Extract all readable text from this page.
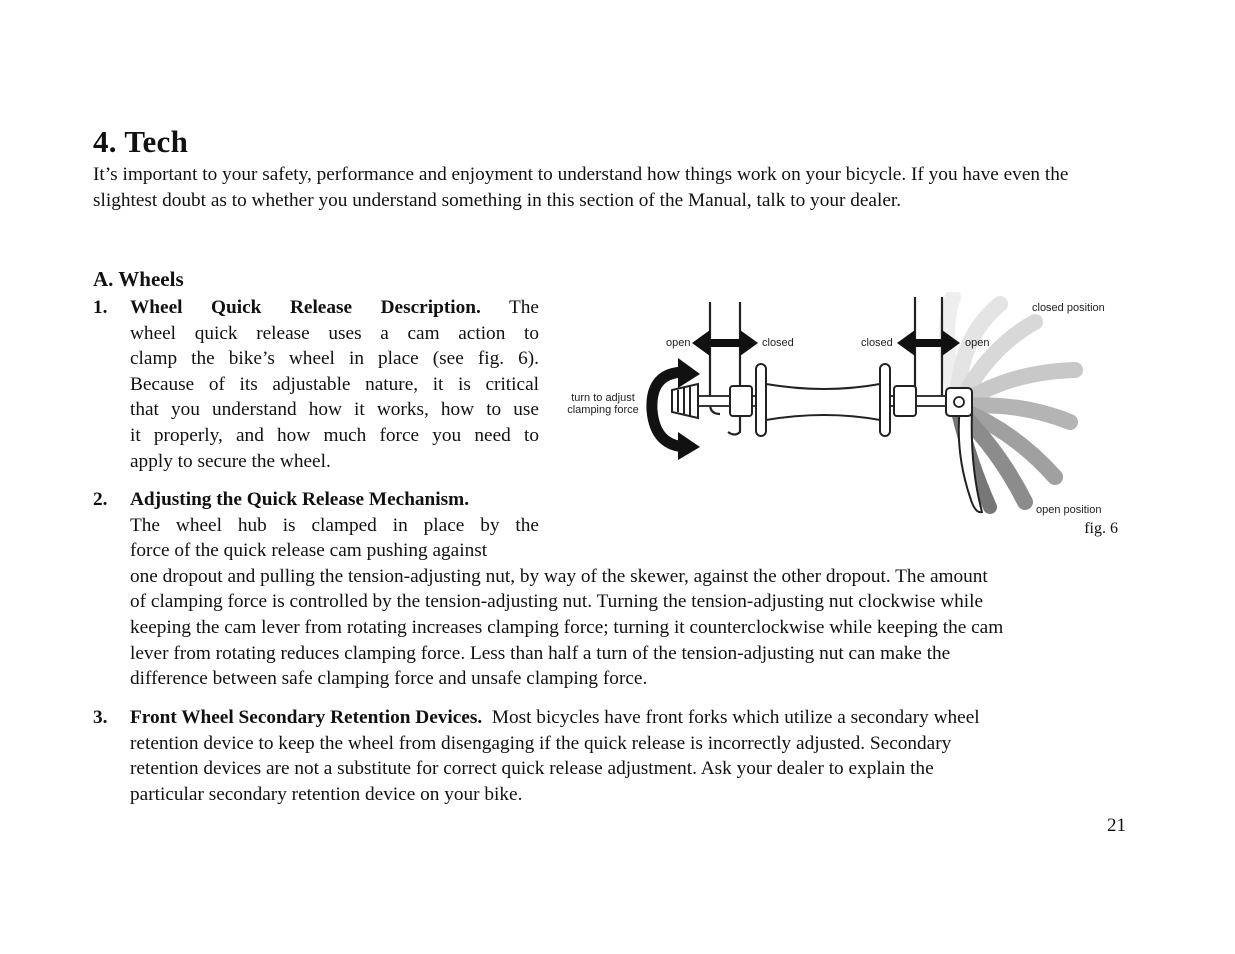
4. Tech

It’s important to your safety, performance and enjoyment to understand how things work on your bicycle. If you have even the slightest doubt as to whether you understand something in this section of the Manual, talk to your dealer.

A. Wheels
1. Wheel Quick Release Description. The
wheel quick release uses a cam action to
clamp the bike’s wheel in place (see fig. 6).
Because of its adjustable nature, it is critical
that you understand how it works, how to use
it properly, and how much force you need to
apply to secure the wheel.
2. Adjusting the Quick Release Mechanism.
The wheel hub is clamped in place by the
force of the quick release cam pushing against
one dropout and pulling the tension-adjusting nut, by way of the skewer, against the other dropout. The amount
of clamping force is controlled by the tension-adjusting nut. Turning the tension-adjusting nut clockwise while
keeping the cam lever from rotating increases clamping force; turning it counterclockwise while keeping the cam
lever from rotating reduces clamping force. Less than half a turn of the tension-adjusting nut can make the
difference between safe clamping force and unsafe clamping force.
3. Front Wheel Secondary Retention Devices. Most bicycles have front forks which utilize a secondary wheel
retention device to keep the wheel from disengaging if the quick release is incorrectly adjusted. Secondary
retention devices are not a substitute for correct quick release adjustment. Ask your dealer to explain the
particular secondary retention device on your bike.
open	closed	closed	open
turn to adjust
clamping force
closed position
open position
fig. 6
21
